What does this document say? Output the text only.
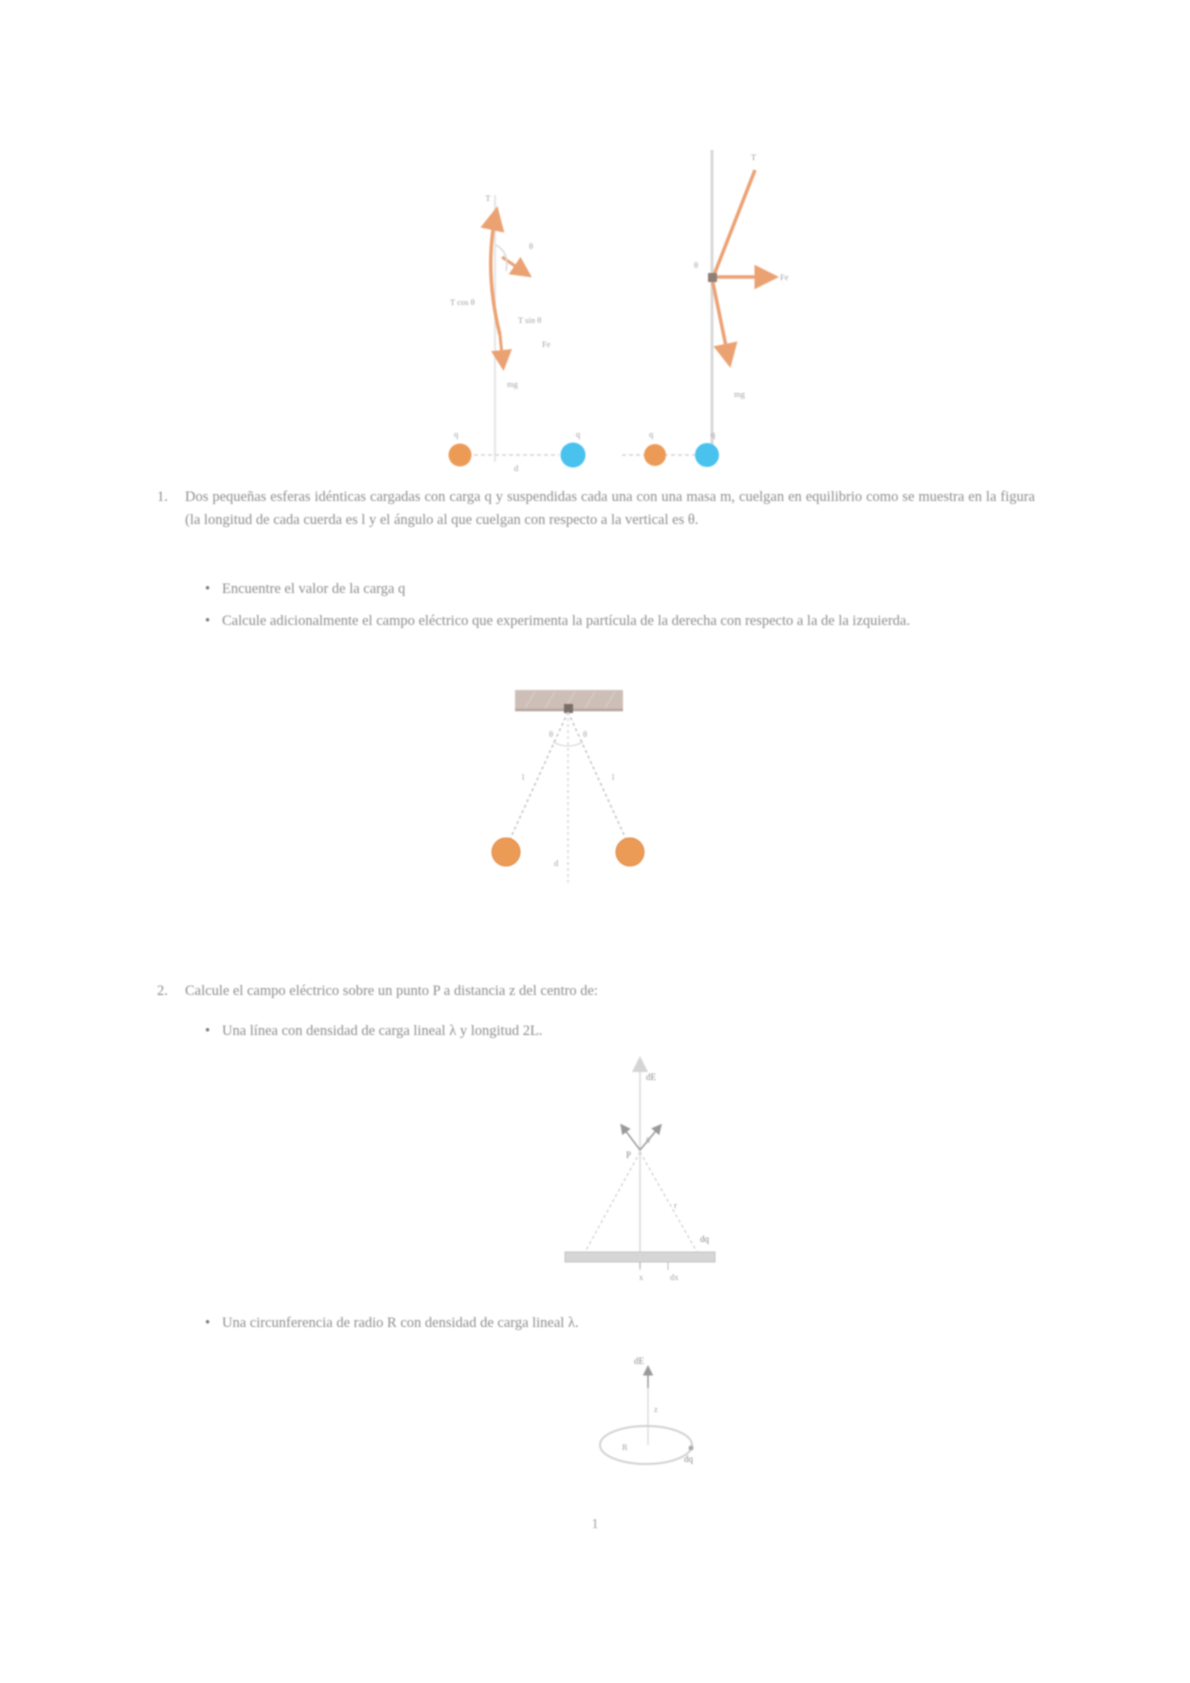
T
θ
T cos θ
T sin θ
Fe
mg
q	q
d
T
θ
Fe
mg
q	q
1.	Dos pequeñas esferas idénticas cargadas con carga q y suspendidas cada una con una masa m, cuelgan en equilibrio como se muestra en la figura (la longitud de cada cuerda es l y el ángulo al que cuelgan con respecto a la vertical es θ.

• Encuentre el valor de la carga q

• Calcule adicionalmente el campo eléctrico que experimenta la partícula de la derecha con respecto a la de la izquierda.

θ	θ
l	l
d
2.	Calcule el campo eléctrico sobre un punto P a distancia z del centro de:

• Una línea con densidad de carga lineal λ y longitud 2L.

dE
θ
P
r
dq
x	dx
• Una circunferencia de radio R con densidad de carga lineal λ.

dE
z
R
dq
1
